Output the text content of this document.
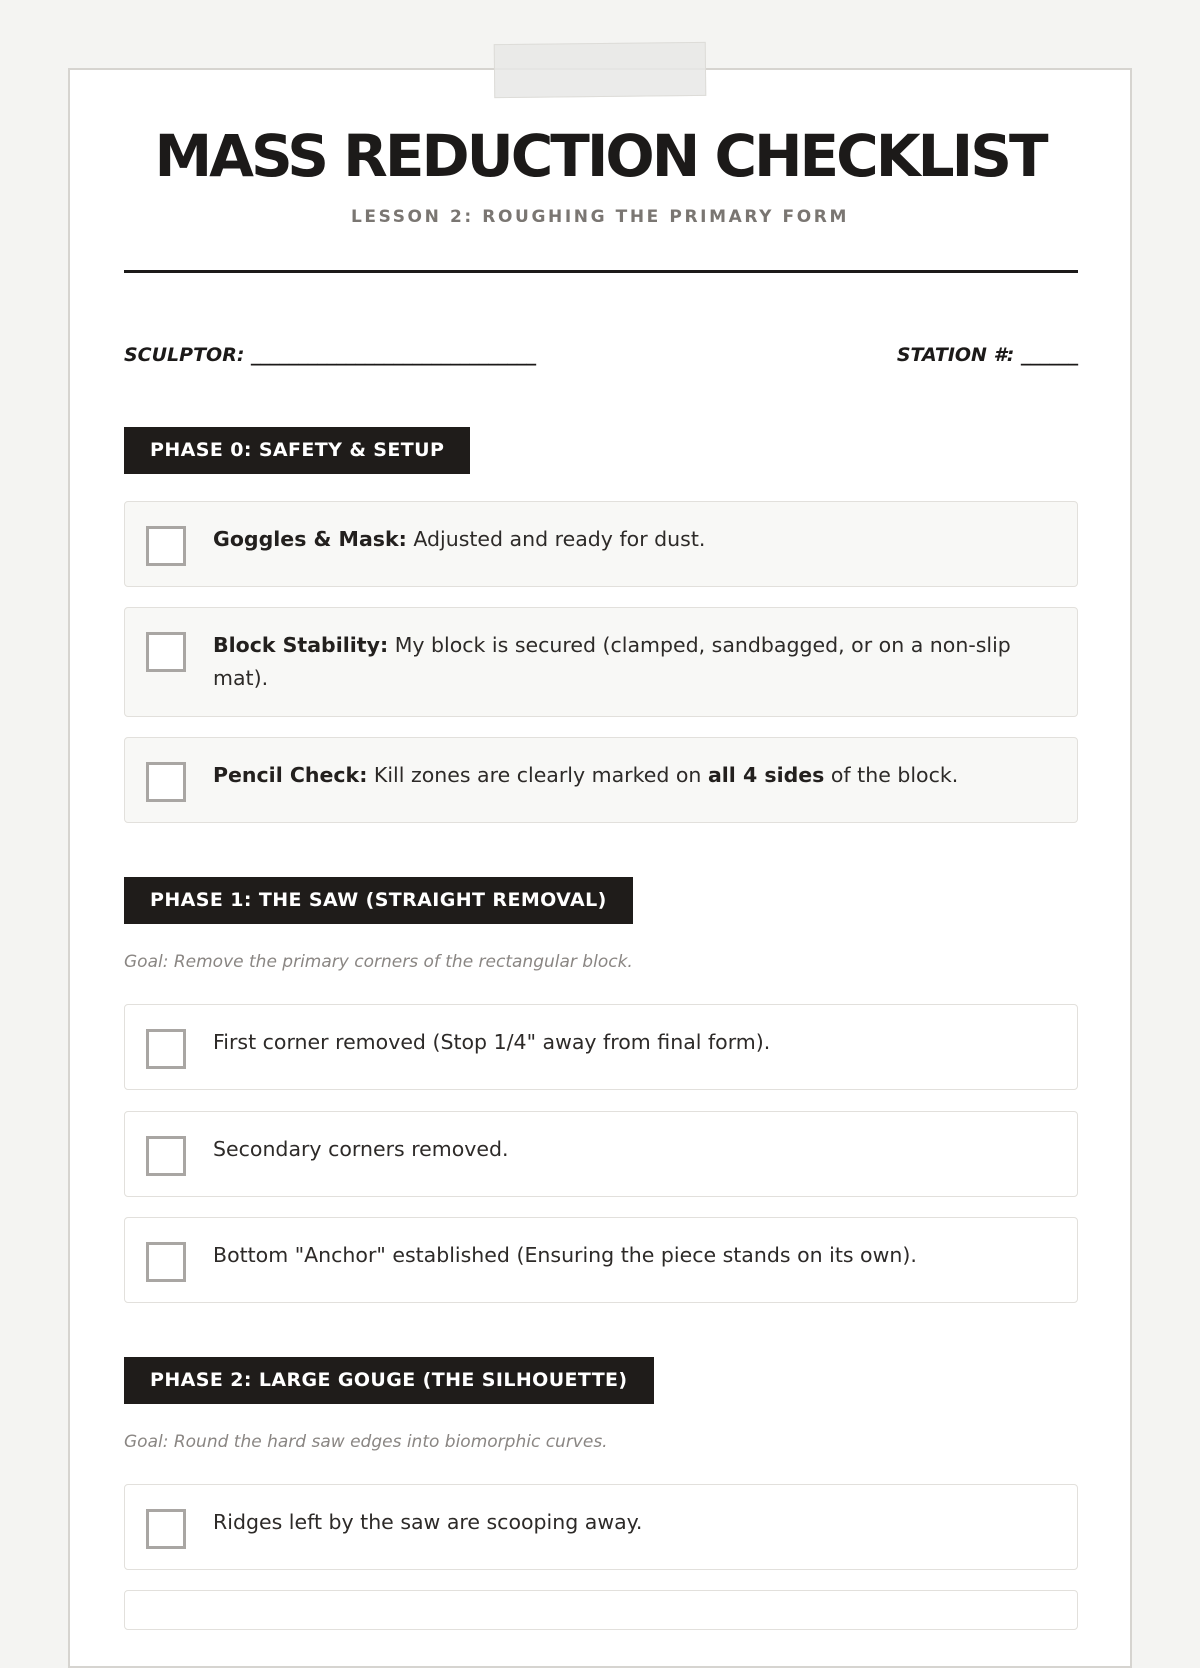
MASS REDUCTION CHECKLIST
LESSON 2: ROUGHING THE PRIMARY FORM
SCULPTOR: ______________________________	STATION #: ______
PHASE 0: SAFETY & SETUP
Goggles & Mask: Adjusted and ready for dust.
Block Stability: My block is secured (clamped, sandbagged, or on a non-slip mat).
Pencil Check: Kill zones are clearly marked on all 4 sides of the block.
PHASE 1: THE SAW (STRAIGHT REMOVAL)
Goal: Remove the primary corners of the rectangular block.
First corner removed (Stop 1/4" away from final form).
Secondary corners removed.
Bottom "Anchor" established (Ensuring the piece stands on its own).
PHASE 2: LARGE GOUGE (THE SILHOUETTE)
Goal: Round the hard saw edges into biomorphic curves.
Ridges left by the saw are scooping away.
